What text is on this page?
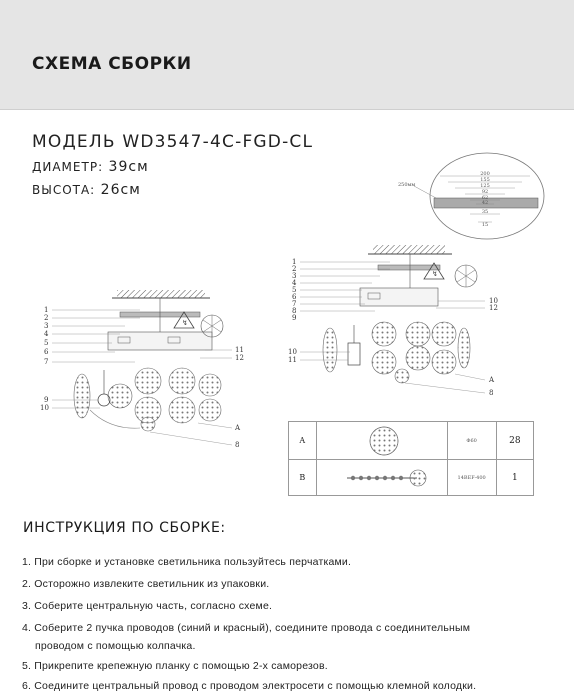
СХЕМА СБОРКИ
МОДЕЛЬ WD3547-4C-FGD-CL
ДИАМЕТР: 39см
ВЫСОТА: 26см	250мм
200
155
125
92
62
42
35
15
↯
1
2
3
4
5
6
7
9
10
11
12
A
8
↯
1
2
3
4
5
6
7
8
9
10
11
10
12
A
8
A		Φ60	28
B		14BEF-400	1
ИНСТРУКЦИЯ ПО СБОРКЕ:
1. При сборке и установке светильника пользуйтесь перчатками.
2. Осторожно извлеките светильник из упаковки.
3. Соберите центральную часть, согласно схеме.
4. Соберите 2 пучка проводов (синий и красный), соедините провода с соединительным
проводом с помощью колпачка.
5. Прикрепите крепежную планку с помощью 2-х саморезов.
6. Соедините центральный провод с проводом электросети с помощью клемной колодки.
